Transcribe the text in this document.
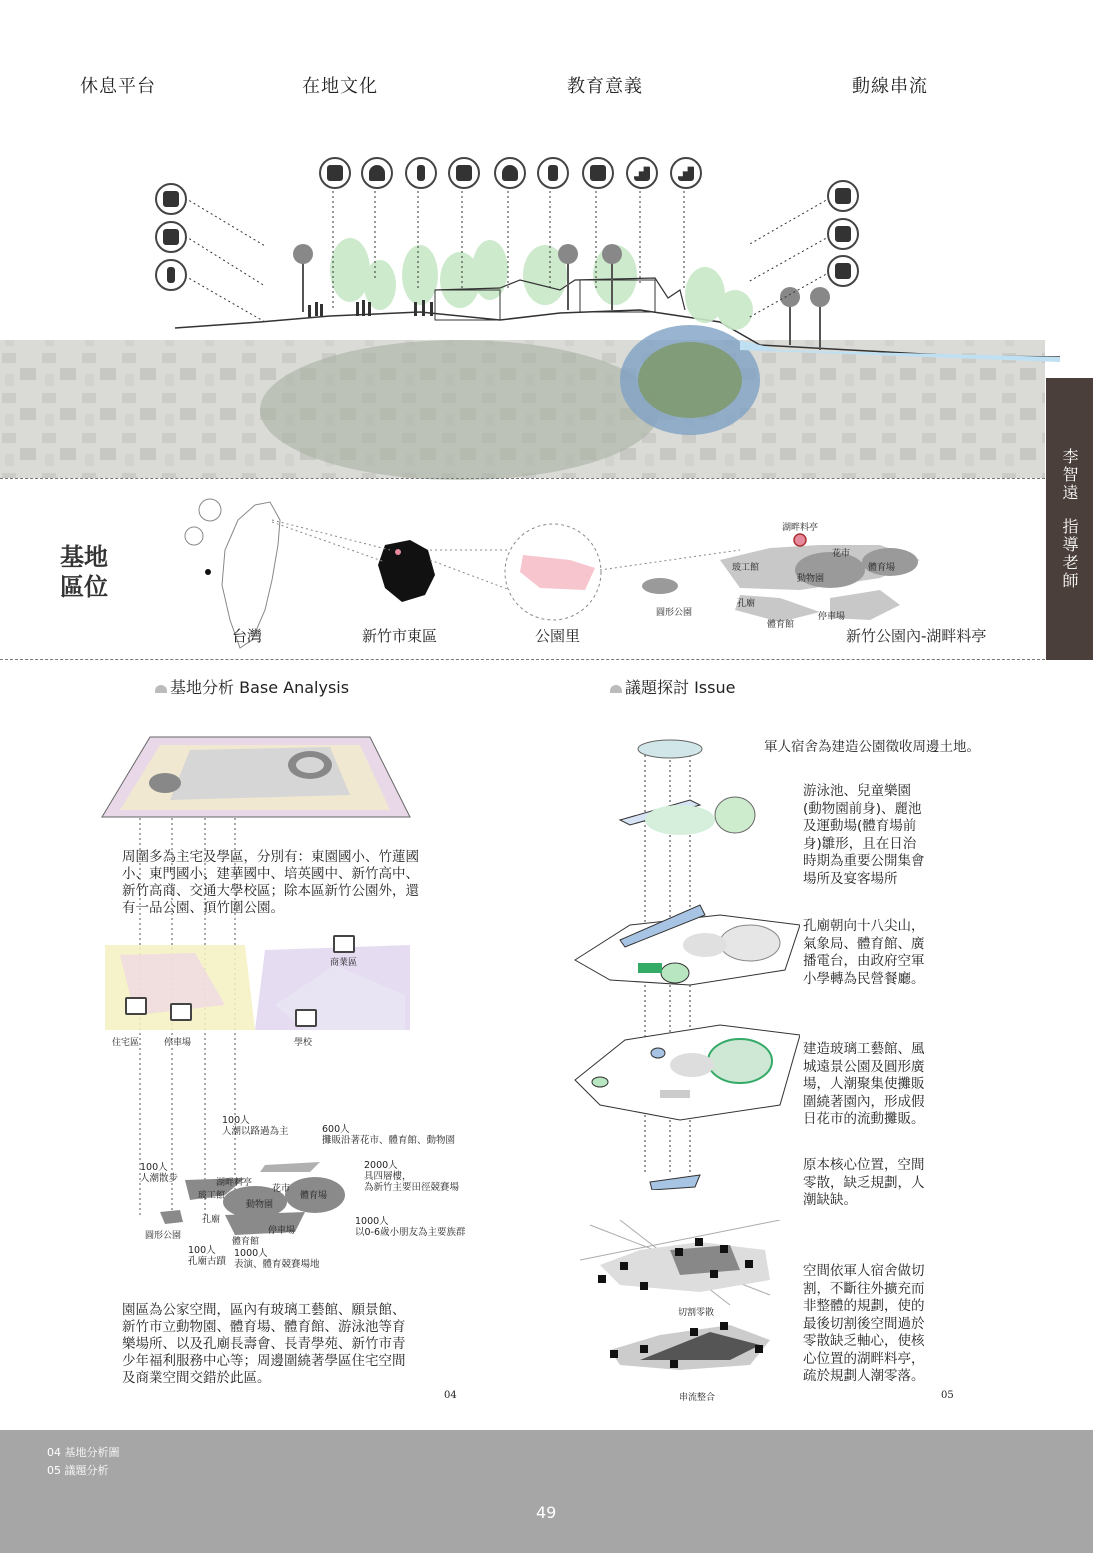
休息平台	在地文化	教育意義	動線串流
李智遠
指導老師
基地
區位
湖畔料亭
花市
玻工館	體育場
動物園
圓形公園
孔廟
停車場
體育館
台灣	新竹市東區	公園里	新竹公園內-湖畔料亭
基地分析 Base Analysis	議題探討 Issue
周圍多為主宅及學區，分別有：東園國小、竹蓮國小、東門國小、建華國中、培英國中、新竹高中、新竹高商、交通大學校區；除本區新竹公園外，還有一品公園、頂竹圍公園。
商業區
住宅區	停車場	學校
100人
人潮以路過為主	600人
攤販沿著花市、體育館、動物園
100人
人潮散步
2000人
具四層樓，
為新竹主要田徑競賽場
1000人
以0-6歲小朋友為主要族群
100人
孔廟古蹟
1000人
表演、體育競賽場地
湖畔料亭
花市
玻工館
動物園
體育場
孔廟
停車場
圓形公園
體育館
園區為公家空間，區內有玻璃工藝館、願景館、新竹市立動物園、體育場、體育館、游泳池等育樂場所、以及孔廟長壽會、長青學苑、新竹市青少年福利服務中心等；周邊圍繞著學區住宅空間及商業空間交錯於此區。
04
切割零散
串流整合
軍人宿舍為建造公園徵收周邊土地。
游泳池、兒童樂園(動物園前身)、麗池及運動場(體育場前身)雛形，且在日治時期為重要公開集會場所及宴客場所
孔廟朝向十八尖山，氣象局、體育館、廣播電台，由政府空軍小學轉為民營餐廳。
建造玻璃工藝館、風城遠景公園及圓形廣場，人潮聚集使攤販圍繞著園內，形成假日花市的流動攤販。
原本核心位置，空間零散，缺乏規劃，人潮缺缺。
空間依軍人宿舍做切割，不斷往外擴充而非整體的規劃，使的最後切割後空間過於零散缺乏軸心，使核心位置的湖畔料亭，疏於規劃人潮零落。
05
04 基地分析圖
05 議題分析
49
